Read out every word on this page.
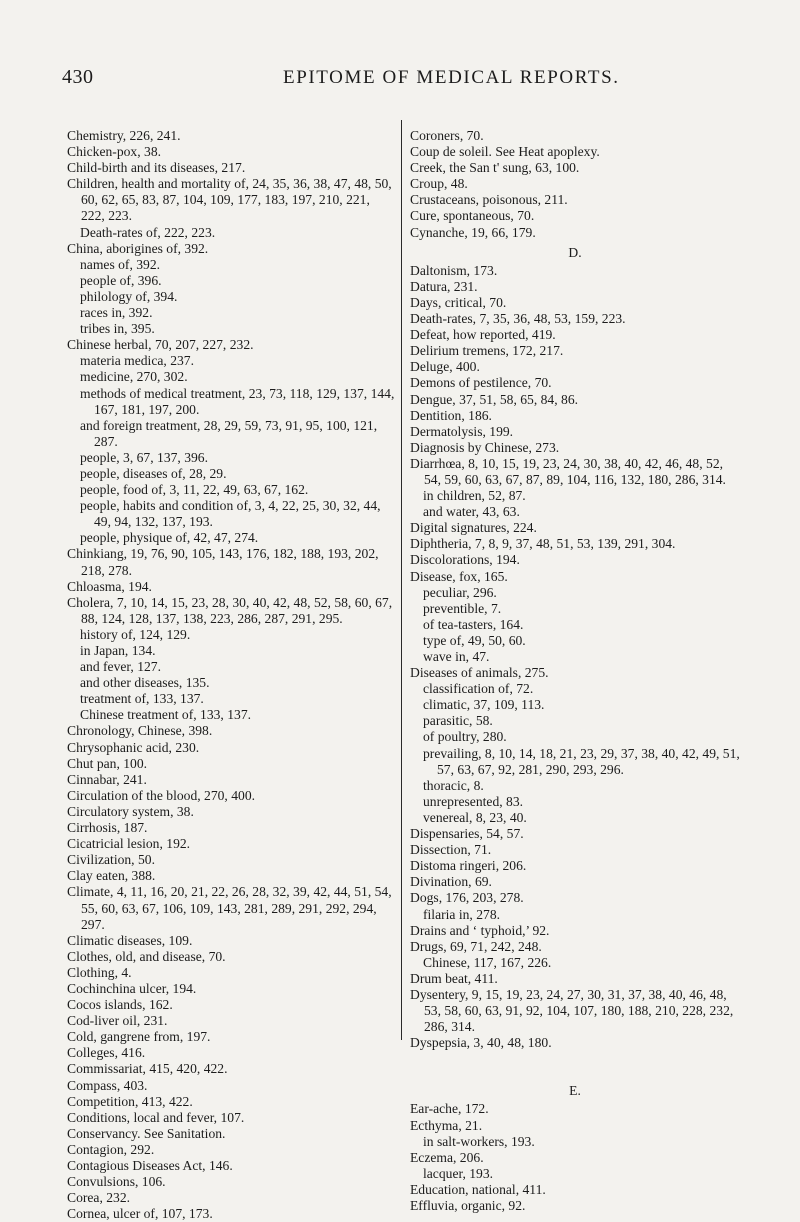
430	EPITOME OF MEDICAL REPORTS.
Chemistry, 226, 241.
Chicken-pox, 38.
Child-birth and its diseases, 217.
Children, health and mortality of, 24, 35, 36, 38, 47, 48, 50, 60, 62, 65, 83, 87, 104, 109, 177, 183, 197, 210, 221, 222, 223.
Death-rates of, 222, 223.
China, aborigines of, 392.
names of, 392.
people of, 396.
philology of, 394.
races in, 392.
tribes in, 395.
Chinese herbal, 70, 207, 227, 232.
materia medica, 237.
medicine, 270, 302.
methods of medical treatment, 23, 73, 118, 129, 137, 144, 167, 181, 197, 200.
and foreign treatment, 28, 29, 59, 73, 91, 95, 100, 121, 287.
people, 3, 67, 137, 396.
people, diseases of, 28, 29.
people, food of, 3, 11, 22, 49, 63, 67, 162.
people, habits and condition of, 3, 4, 22, 25, 30, 32, 44, 49, 94, 132, 137, 193.
people, physique of, 42, 47, 274.
Chinkiang, 19, 76, 90, 105, 143, 176, 182, 188, 193, 202, 218, 278.
Chloasma, 194.
Cholera, 7, 10, 14, 15, 23, 28, 30, 40, 42, 48, 52, 58, 60, 67, 88, 124, 128, 137, 138, 223, 286, 287, 291, 295.
history of, 124, 129.
in Japan, 134.
and fever, 127.
and other diseases, 135.
treatment of, 133, 137.
Chinese treatment of, 133, 137.
Chronology, Chinese, 398.
Chrysophanic acid, 230.
Chut pan, 100.
Cinnabar, 241.
Circulation of the blood, 270, 400.
Circulatory system, 38.
Cirrhosis, 187.
Cicatricial lesion, 192.
Civilization, 50.
Clay eaten, 388.
Climate, 4, 11, 16, 20, 21, 22, 26, 28, 32, 39, 42, 44, 51, 54, 55, 60, 63, 67, 106, 109, 143, 281, 289, 291, 292, 294, 297.
Climatic diseases, 109.
Clothes, old, and disease, 70.
Clothing, 4.
Cochinchina ulcer, 194.
Cocos islands, 162.
Cod-liver oil, 231.
Cold, gangrene from, 197.
Colleges, 416.
Commissariat, 415, 420, 422.
Compass, 403.
Competition, 413, 422.
Conditions, local and fever, 107.
Conservancy. See Sanitation.
Contagion, 292.
Contagious Diseases Act, 146.
Convulsions, 106.
Corea, 232.
Cornea, ulcer of, 107, 173.
Coroners, 70.
Coup de soleil. See Heat apoplexy.
Creek, the San t' sung, 63, 100.
Croup, 48.
Crustaceans, poisonous, 211.
Cure, spontaneous, 70.
Cynanche, 19, 66, 179.
D.
Daltonism, 173.
Datura, 231.
Days, critical, 70.
Death-rates, 7, 35, 36, 48, 53, 159, 223.
Defeat, how reported, 419.
Delirium tremens, 172, 217.
Deluge, 400.
Demons of pestilence, 70.
Dengue, 37, 51, 58, 65, 84, 86.
Dentition, 186.
Dermatolysis, 199.
Diagnosis by Chinese, 273.
Diarrhœa, 8, 10, 15, 19, 23, 24, 30, 38, 40, 42, 46, 48, 52, 54, 59, 60, 63, 67, 87, 89, 104, 116, 132, 180, 286, 314.
in children, 52, 87.
and water, 43, 63.
Digital signatures, 224.
Diphtheria, 7, 8, 9, 37, 48, 51, 53, 139, 291, 304.
Discolorations, 194.
Disease, fox, 165.
peculiar, 296.
preventible, 7.
of tea-tasters, 164.
type of, 49, 50, 60.
wave in, 47.
Diseases of animals, 275.
classification of, 72.
climatic, 37, 109, 113.
parasitic, 58.
of poultry, 280.
prevailing, 8, 10, 14, 18, 21, 23, 29, 37, 38, 40, 42, 49, 51, 57, 63, 67, 92, 281, 290, 293, 296.
thoracic, 8.
unrepresented, 83.
venereal, 8, 23, 40.
Dispensaries, 54, 57.
Dissection, 71.
Distoma ringeri, 206.
Divination, 69.
Dogs, 176, 203, 278.
filaria in, 278.
Drains and ‘ typhoid,’ 92.
Drugs, 69, 71, 242, 248.
Chinese, 117, 167, 226.
Drum beat, 411.
Dysentery, 9, 15, 19, 23, 24, 27, 30, 31, 37, 38, 40, 46, 48, 53, 58, 60, 63, 91, 92, 104, 107, 180, 188, 210, 228, 232, 286, 314.
Dyspepsia, 3, 40, 48, 180.
E.
Ear-ache, 172.
Ecthyma, 21.
in salt-workers, 193.
Eczema, 206.
lacquer, 193.
Education, national, 411.
Effluvia, organic, 92.
